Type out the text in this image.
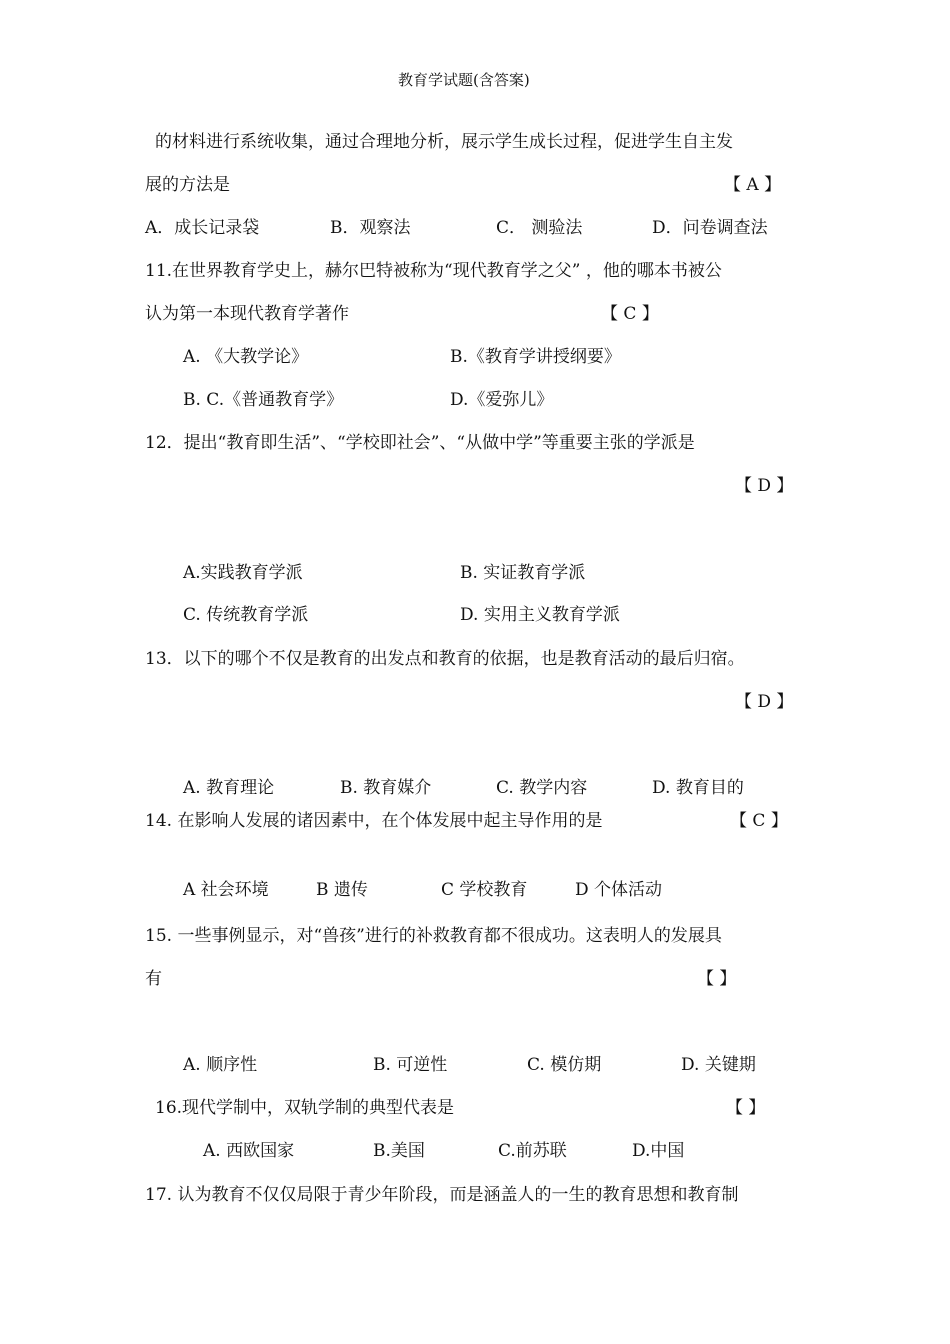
教育学试题(含答案)
的材料进行系统收集，通过合理地分析，展示学生成长过程，促进学生自主发
展的方法是	【 A 】
A．成长记录袋	B．观察法	C． 测验法	D．问卷调查法
11.在世界教育学史上，赫尔巴特被称为“现代教育学之父” ，他的哪本书被公
认为第一本现代教育学著作	【 C 】
A. 《大教学论》	B.《教育学讲授纲要》
B. C.《普通教育学》	D.《爱弥儿》
12．提出“教育即生活”、“学校即社会”、“从做中学”等重要主张的学派是
【 D 】
A.实践教育学派	B. 实证教育学派
C. 传统教育学派	D. 实用主义教育学派
13．以下的哪个不仅是教育的出发点和教育的依据，也是教育活动的最后归宿。
【 D 】
A. 教育理论	B. 教育媒介	C. 教学内容	D. 教育目的
14. 在影响人发展的诸因素中，在个体发展中起主导作用的是	【 C 】
A 社会环境	B 遗传	C 学校教育	D 个体活动
15. 一些事例显示，对“兽孩”进行的补救教育都不很成功。这表明人的发展具
有	【 】
A. 顺序性	B. 可逆性	C. 模仿期	D. 关键期
16.现代学制中，双轨学制的典型代表是	【 】
A. 西欧国家	B.美国	C.前苏联	D.中国
17. 认为教育不仅仅局限于青少年阶段，而是涵盖人的一生的教育思想和教育制
